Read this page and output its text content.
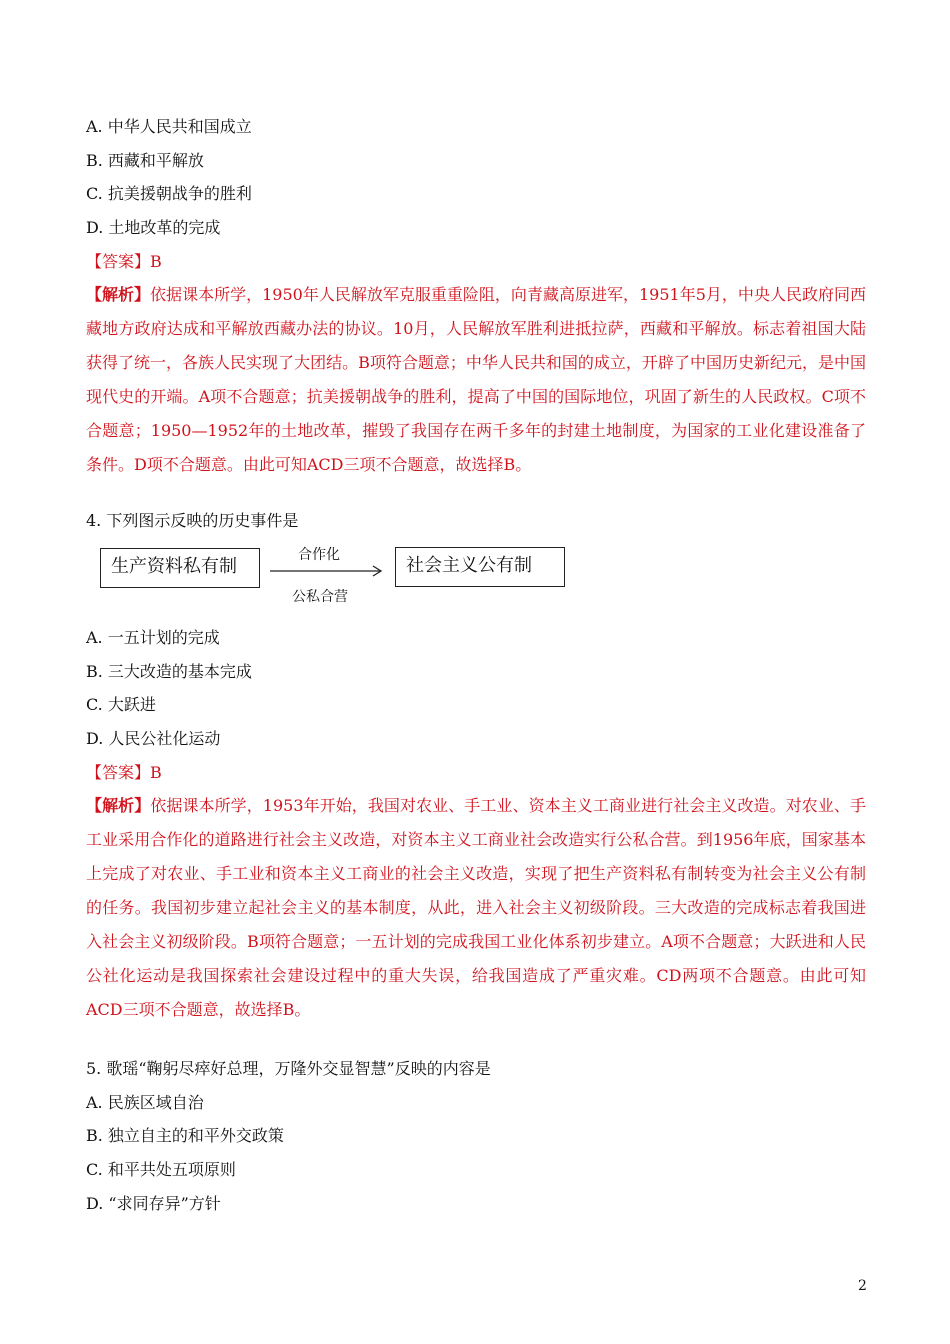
A. 中华人民共和国成立
B. 西藏和平解放
C. 抗美援朝战争的胜利
D. 土地改革的完成
【答案】B
【解析】依据课本所学，1950年人民解放军克服重重险阻，向青藏高原进军，1951年5月，中央人民政府同西藏地方政府达成和平解放西藏办法的协议。10月，人民解放军胜利进抵拉萨，西藏和平解放。标志着祖国大陆获得了统一，各族人民实现了大团结。B项符合题意；中华人民共和国的成立，开辟了中国历史新纪元，是中国现代史的开端。A项不合题意；抗美援朝战争的胜利，提高了中国的国际地位，巩固了新生的人民政权。C项不合题意；1950—1952年的土地改革，摧毁了我国存在两千多年的封建土地制度，为国家的工业化建设准备了条件。D项不合题意。由此可知ACD三项不合题意，故选择B。
4. 下列图示反映的历史事件是
生产资料私有制
合作化
公私合营
社会主义公有制
A. 一五计划的完成
B. 三大改造的基本完成
C. 大跃进
D. 人民公社化运动
【答案】B
【解析】依据课本所学，1953年开始，我国对农业、手工业、资本主义工商业进行社会主义改造。对农业、手工业采用合作化的道路进行社会主义改造，对资本主义工商业社会改造实行公私合营。到1956年底，国家基本上完成了对农业、手工业和资本主义工商业的社会主义改造，实现了把生产资料私有制转变为社会主义公有制的任务。我国初步建立起社会主义的基本制度，从此，进入社会主义初级阶段。三大改造的完成标志着我国进入社会主义初级阶段。B项符合题意；一五计划的完成我国工业化体系初步建立。A项不合题意；大跃进和人民公社化运动是我国探索社会建设过程中的重大失误，给我国造成了严重灾难。CD两项不合题意。由此可知ACD三项不合题意，故选择B。
5. 歌瑶“鞠躬尽瘁好总理，万隆外交显智慧”反映的内容是
A. 民族区域自治
B. 独立自主的和平外交政策
C. 和平共处五项原则
D. “求同存异”方针
2
